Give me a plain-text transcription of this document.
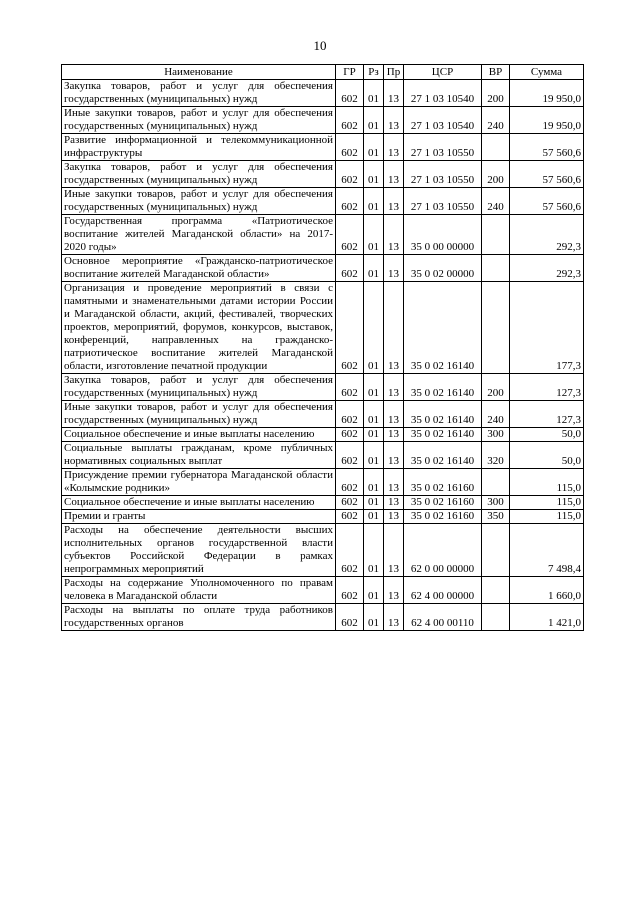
10
Наименование	ГР	Рз	Пр	ЦСР	ВР	Сумма
Закупка товаров, работ и услуг для обеспечения государственных (муниципальных) нужд	602	01	13	27 1 03 10540	200	19 950,0
Иные закупки товаров, работ и услуг для обеспечения государственных (муниципальных) нужд	602	01	13	27 1 03 10540	240	19 950,0
Развитие информационной и телекоммуникационной инфраструктуры	602	01	13	27 1 03 10550		57 560,6
Закупка товаров, работ и услуг для обеспечения государственных (муниципальных) нужд	602	01	13	27 1 03 10550	200	57 560,6
Иные закупки товаров, работ и услуг для обеспечения государственных (муниципальных) нужд	602	01	13	27 1 03 10550	240	57 560,6
Государственная программа «Патриотическое воспитание жителей Магаданской области» на 2017-2020 годы»	602	01	13	35 0 00 00000		292,3
Основное мероприятие «Гражданско-патриотическое воспитание жителей Магаданской области»	602	01	13	35 0 02 00000		292,3
Организация и проведение мероприятий в связи с памятными и знаменательными датами истории России и Магаданской области, акций, фестивалей, творческих проектов, мероприятий, форумов, конкурсов, выставок, конференций, направленных на гражданско-патриотическое воспитание жителей Магаданской области, изготовление печатной продукции	602	01	13	35 0 02 16140		177,3
Закупка товаров, работ и услуг для обеспечения государственных (муниципальных) нужд	602	01	13	35 0 02 16140	200	127,3
Иные закупки товаров, работ и услуг для обеспечения государственных (муниципальных) нужд	602	01	13	35 0 02 16140	240	127,3
Социальное обеспечение и иные выплаты населению	602	01	13	35 0 02 16140	300	50,0
Социальные выплаты гражданам, кроме публичных нормативных социальных выплат	602	01	13	35 0 02 16140	320	50,0
Присуждение премии губернатора Магаданской области «Колымские родники»	602	01	13	35 0 02 16160		115,0
Социальное обеспечение и иные выплаты населению	602	01	13	35 0 02 16160	300	115,0
Премии и гранты	602	01	13	35 0 02 16160	350	115,0
Расходы на обеспечение деятельности высших исполнительных органов государственной власти субъектов Российской Федерации в рамках непрограммных мероприятий	602	01	13	62 0 00 00000		7 498,4
Расходы на содержание Уполномоченного по правам человека в Магаданской области	602	01	13	62 4 00 00000		1 660,0
Расходы на выплаты по оплате труда работников государственных органов	602	01	13	62 4 00 00110		1 421,0
